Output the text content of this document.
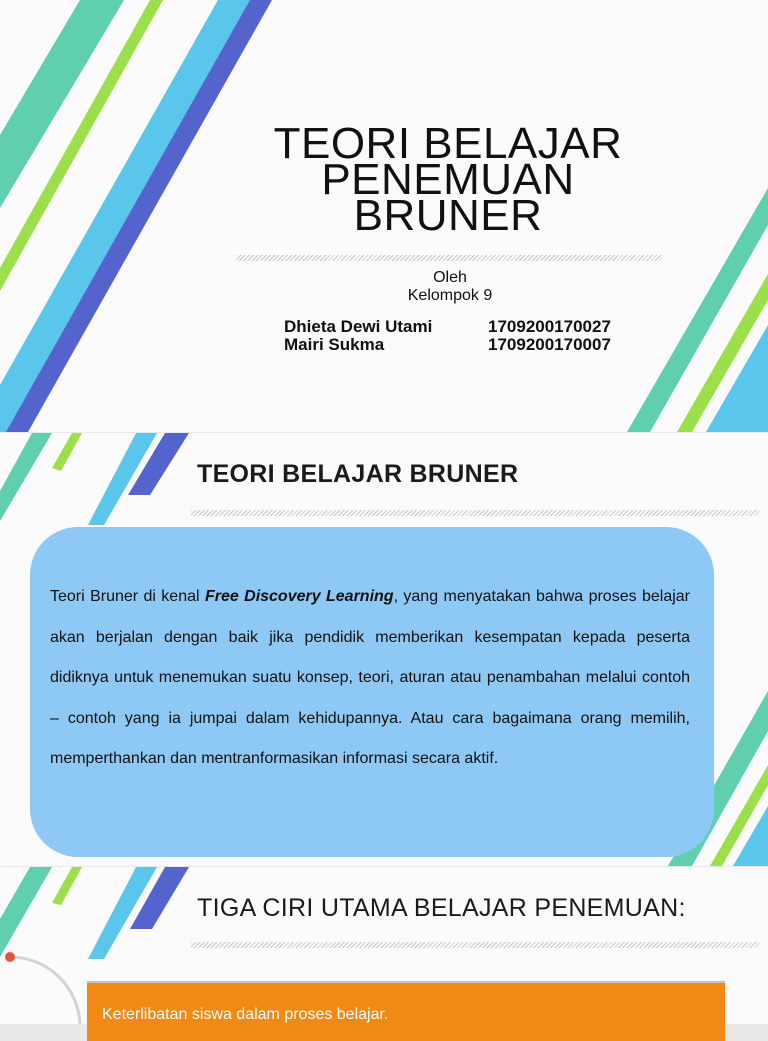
TEORI BELAJAR
PENEMUAN
BRUNER
Oleh
Kelompok 9
Dhieta Dewi Utami	1709200170027
Mairi Sukma	1709200170007
TEORI BELAJAR BRUNER

Teori Bruner di kenal Free Discovery Learning, yang menyatakan bahwa proses belajar akan berjalan dengan baik jika pendidik memberikan kesempatan kepada peserta didiknya untuk menemukan suatu konsep, teori, aturan atau penambahan melalui contoh – contoh yang ia jumpai dalam kehidupannya. Atau cara bagaimana orang memilih, memperthankan dan mentranformasikan informasi secara aktif.

TIGA CIRI UTAMA BELAJAR PENEMUAN:
Keterlibatan siswa dalam proses belajar.
